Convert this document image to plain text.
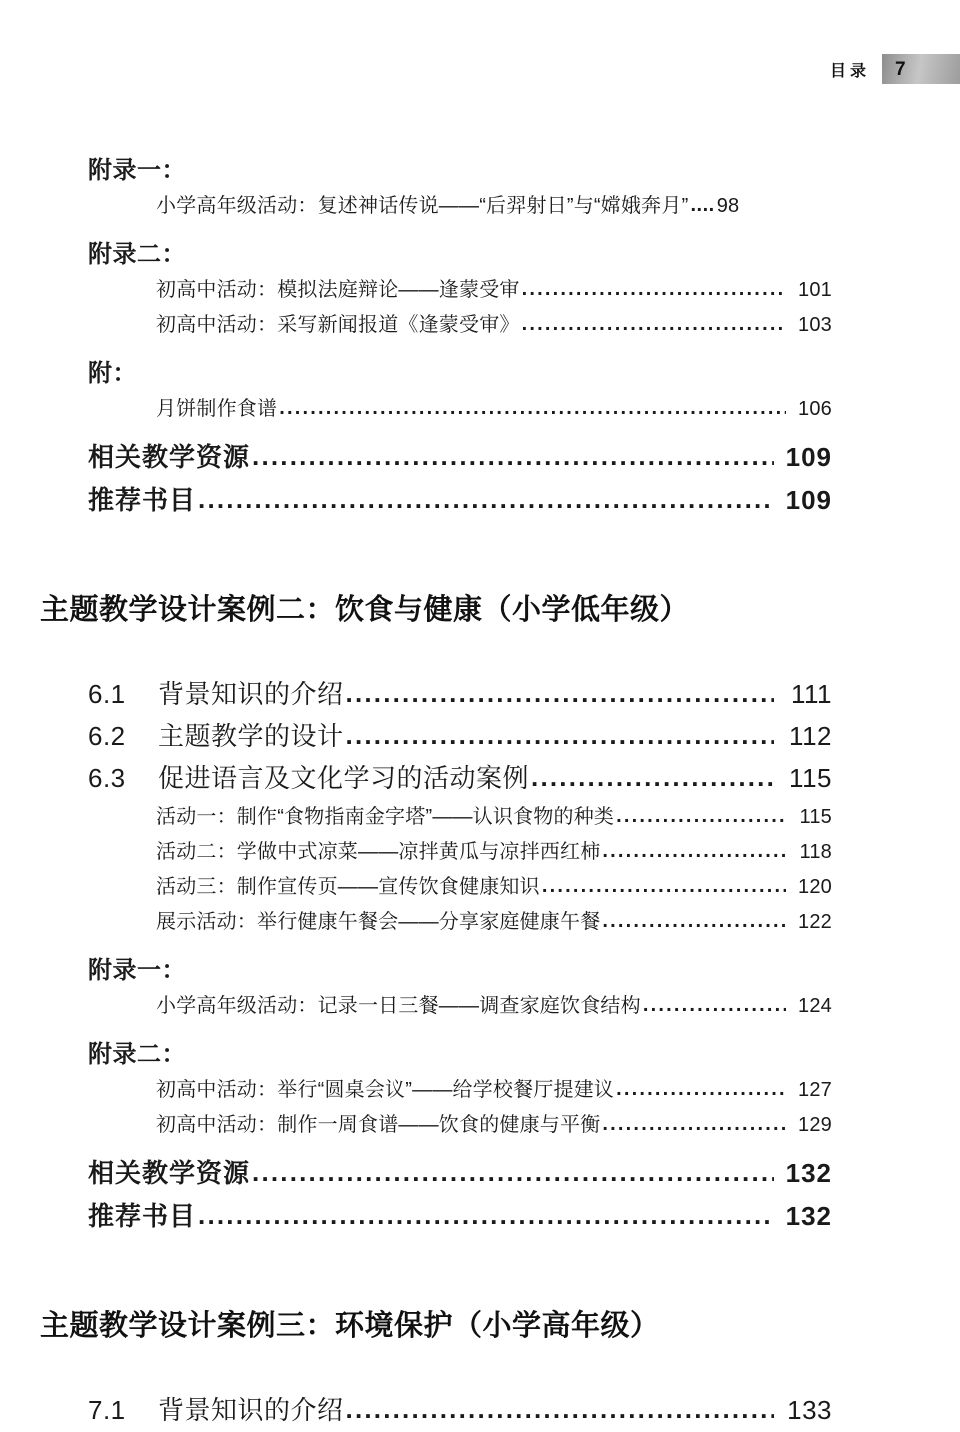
目录 7
附录一：
小学高年级活动：复述神话传说——“后羿射日”与“嫦娥奔月” .... 98
附录二：
初高中活动：模拟法庭辩论——逢蒙受审 .....	101
初高中活动：采写新闻报道《逢蒙受审》 .....	103
附：
月饼制作食谱 .....	106
相关教学资源 .....	109
推荐书目 .....	109
主题教学设计案例二：饮食与健康（小学低年级）
6.1	背景知识的介绍 .....	111
6.2	主题教学的设计 .....	112
6.3	促进语言及文化学习的活动案例 .....	115
活动一：制作“食物指南金字塔”——认识食物的种类 .....	115
活动二：学做中式凉菜——凉拌黄瓜与凉拌西红柿 .....	118
活动三：制作宣传页——宣传饮食健康知识 .....	120
展示活动：举行健康午餐会——分享家庭健康午餐 .....	122
附录一：
小学高年级活动：记录一日三餐——调查家庭饮食结构 .....	124
附录二：
初高中活动：举行“圆桌会议”——给学校餐厅提建议 .....	127
初高中活动：制作一周食谱——饮食的健康与平衡 .....	129
相关教学资源 .....	132
推荐书目 .....	132
主题教学设计案例三：环境保护（小学高年级）
7.1	背景知识的介绍 .....	133
